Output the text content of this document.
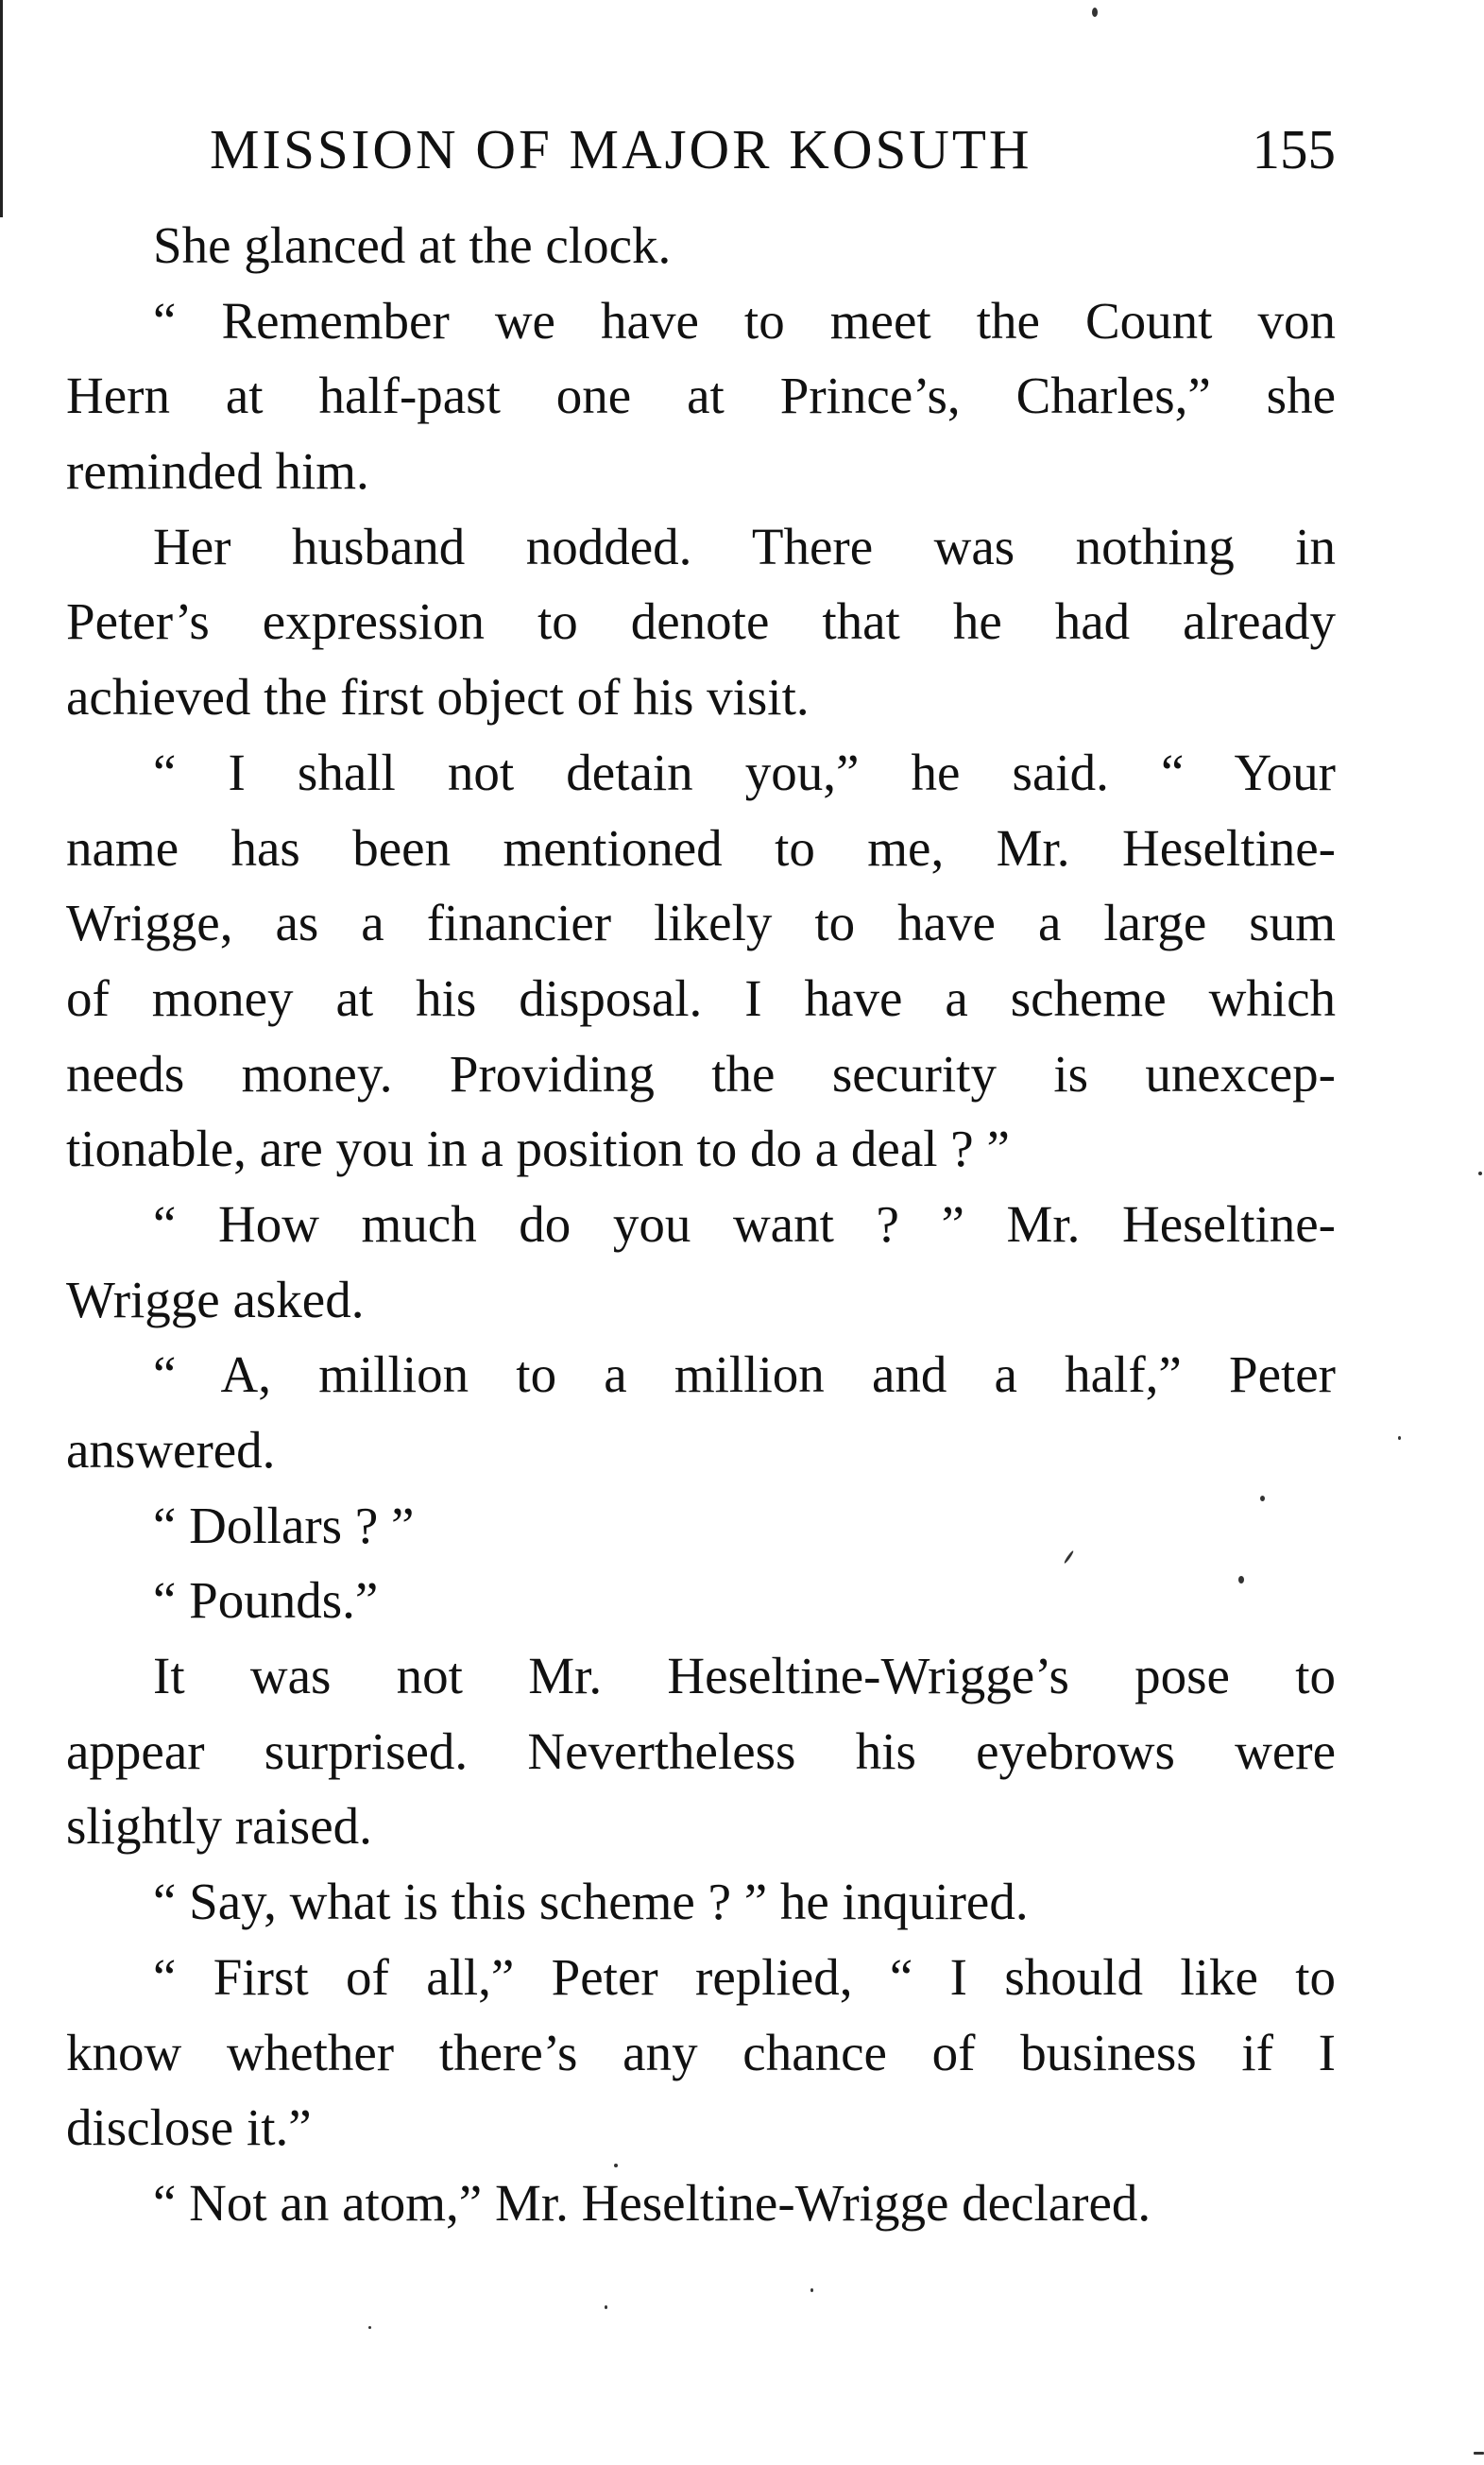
MISSION OF MAJOR KOSUTH	155
She glanced at the clock.
“ Remember we have to meet the Count von
Hern at half-past one at Prince’s, Charles,” she
reminded him.
Her husband nodded. There was nothing in
Peter’s expression to denote that he had already
achieved the first object of his visit.
“ I shall not detain you,” he said. “ Your
name has been mentioned to me, Mr. Heseltine-
Wrigge, as a financier likely to have a large sum
of money at his disposal. I have a scheme which
needs money. Providing the security is unexcep-
tionable, are you in a position to do a deal ? ”
“ How much do you want ? ” Mr. Heseltine-
Wrigge asked.
“ A, million to a million and a half,” Peter
answered.
“ Dollars ? ”
“ Pounds.”
It was not Mr. Heseltine-Wrigge’s pose to
appear surprised. Nevertheless his eyebrows were
slightly raised.
“ Say, what is this scheme ? ” he inquired.
“ First of all,” Peter replied, “ I should like to
know whether there’s any chance of business if I
disclose it.”
“ Not an atom,” Mr. Heseltine-Wrigge declared.
